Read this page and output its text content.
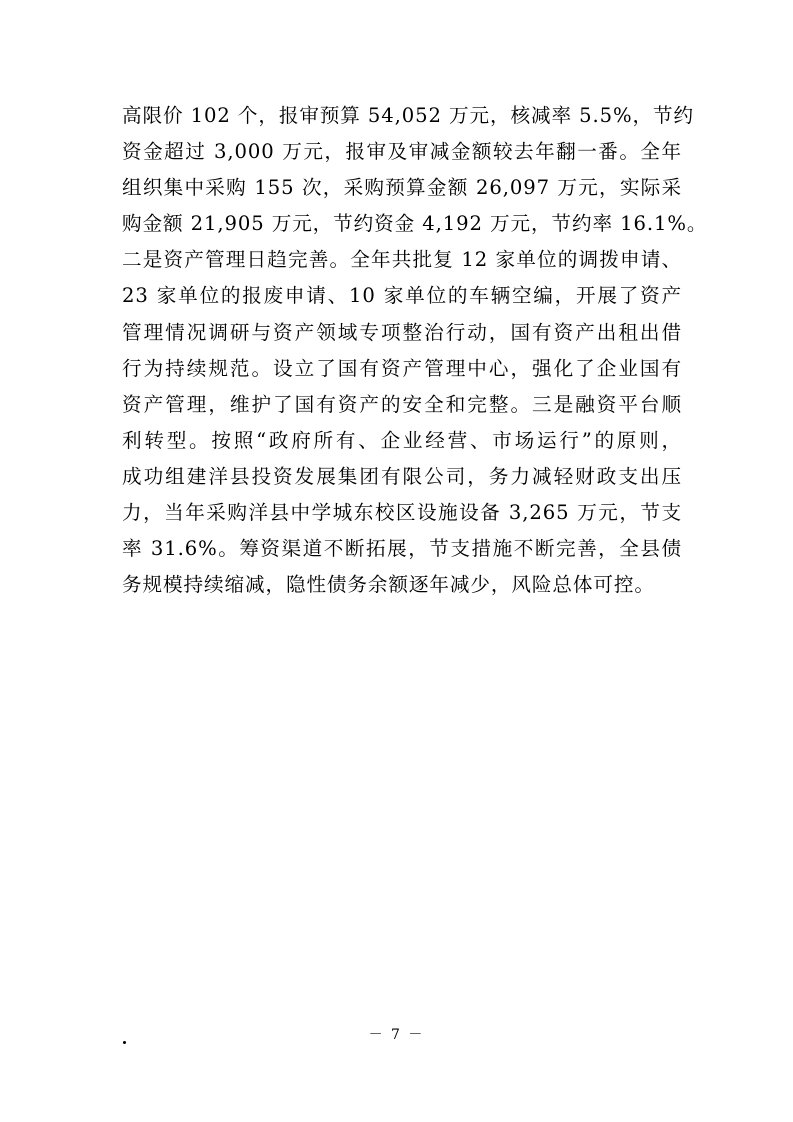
高限价 102 个，报审预算 54,052 万元，核减率 5.5%，节约
资金超过 3,000 万元，报审及审减金额较去年翻一番。全年
组织集中采购 155 次，采购预算金额 26,097 万元，实际采
购金额 21,905 万元，节约资金 4,192 万元，节约率 16.1%。
二是资产管理日趋完善。全年共批复 12 家单位的调拨申请、
23 家单位的报废申请、10 家单位的车辆空编，开展了资产
管理情况调研与资产领域专项整治行动，国有资产出租出借
行为持续规范。设立了国有资产管理中心，强化了企业国有
资产管理，维护了国有资产的安全和完整。三是融资平台顺
利转型。按照“政府所有、企业经营、市场运行”的原则，
成功组建洋县投资发展集团有限公司，务力减轻财政支出压
力，当年采购洋县中学城东校区设施设备 3,265 万元，节支
率 31.6%。筹资渠道不断拓展，节支措施不断完善，全县债
务规模持续缩减，隐性债务余额逐年减少，风险总体可控。

－ 7 －
